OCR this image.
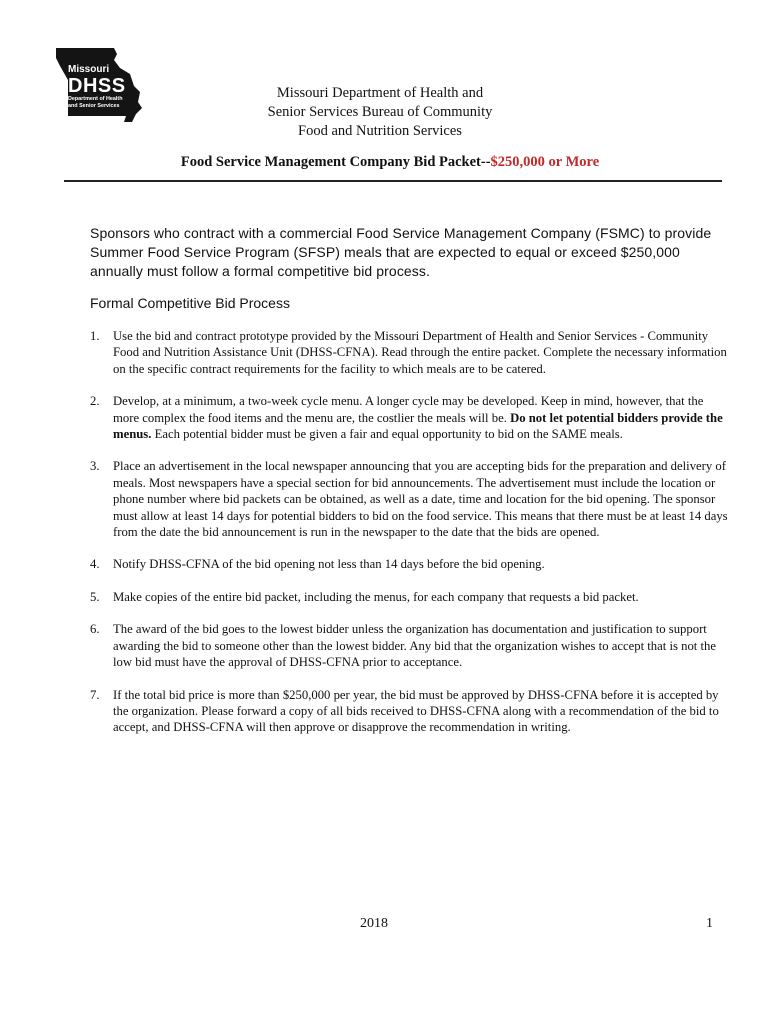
Missouri
DHSS
Department of Health
and Senior Services
Missouri Department of Health and
Senior Services Bureau of Community
Food and Nutrition Services
Food Service Management Company Bid Packet--$250,000 or More
Sponsors who contract with a commercial Food Service Management Company (FSMC) to provide Summer Food Service Program (SFSP) meals that are expected to equal or exceed $250,000 annually must follow a formal competitive bid process.
Formal Competitive Bid Process
1. Use the bid and contract prototype provided by the Missouri Department of Health and Senior Services - Community Food and Nutrition Assistance Unit (DHSS-CFNA). Read through the entire packet. Complete the necessary information on the specific contract requirements for the facility to which meals are to be catered.
2. Develop, at a minimum, a two-week cycle menu. A longer cycle may be developed. Keep in mind, however, that the more complex the food items and the menu are, the costlier the meals will be. Do not let potential bidders provide the menus. Each potential bidder must be given a fair and equal opportunity to bid on the SAME meals.
3. Place an advertisement in the local newspaper announcing that you are accepting bids for the preparation and delivery of meals. Most newspapers have a special section for bid announcements. The advertisement must include the location or phone number where bid packets can be obtained, as well as a date, time and location for the bid opening. The sponsor must allow at least 14 days for potential bidders to bid on the food service. This means that there must be at least 14 days from the date the bid announcement is run in the newspaper to the date that the bids are opened.
4. Notify DHSS-CFNA of the bid opening not less than 14 days before the bid opening.
5. Make copies of the entire bid packet, including the menus, for each company that requests a bid packet.
6. The award of the bid goes to the lowest bidder unless the organization has documentation and justification to support awarding the bid to someone other than the lowest bidder. Any bid that the organization wishes to accept that is not the low bid must have the approval of DHSS-CFNA prior to acceptance.
7. If the total bid price is more than $250,000 per year, the bid must be approved by DHSS-CFNA before it is accepted by the organization. Please forward a copy of all bids received to DHSS-CFNA along with a recommendation of the bid to accept, and DHSS-CFNA will then approve or disapprove the recommendation in writing.
2018	1
